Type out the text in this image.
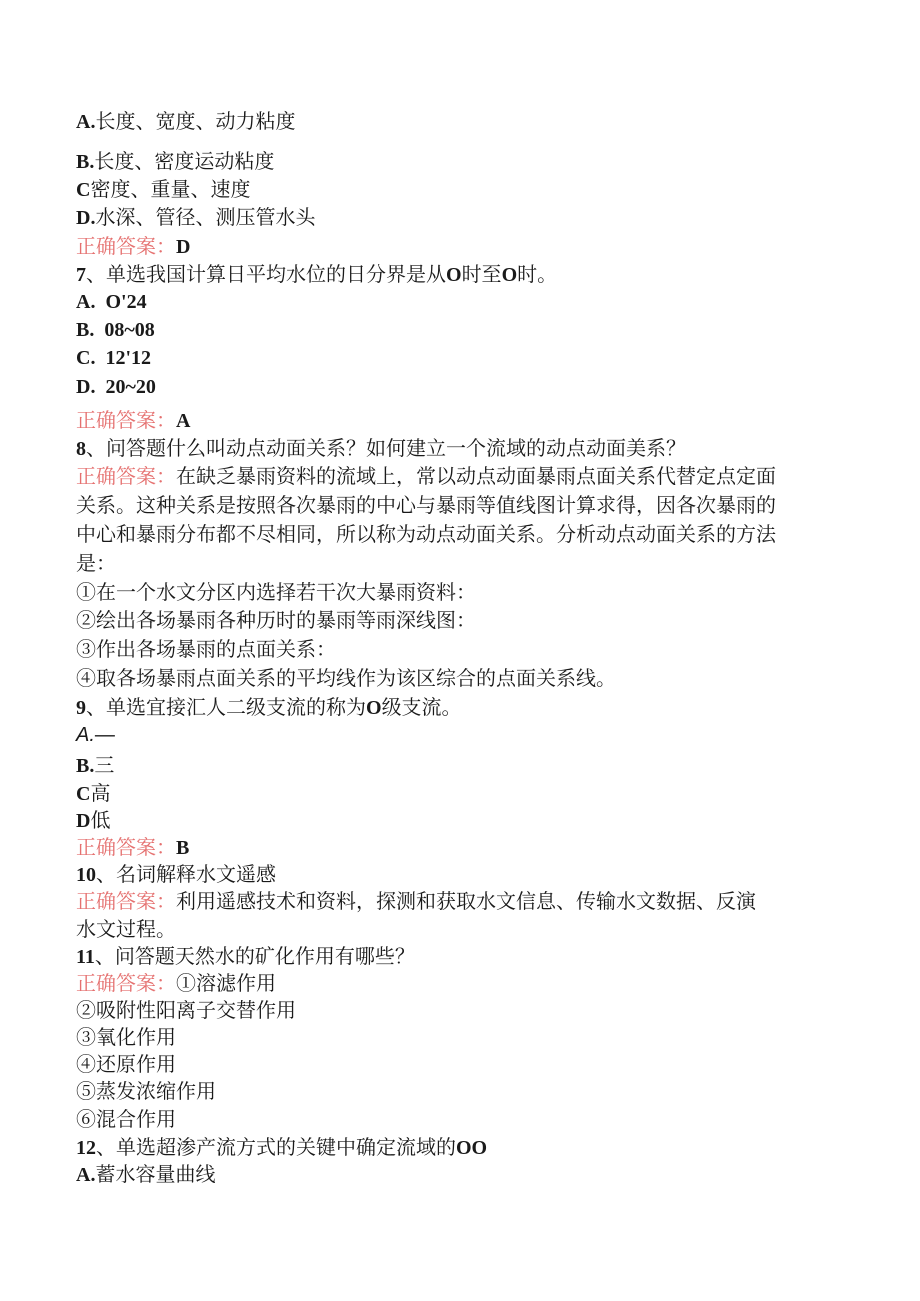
A.长度、宽度、动力粘度
B.长度、密度运动粘度
C密度、重量、速度
D.水深、管径、测压管水头
正确答案：D
7、单选我国计算日平均水位的日分界是从O时至O时。
A. O'24
B. 08~08
C. 12'12
D. 20~20
正确答案：A
8、问答题什么叫动点动面关系？如何建立一个流域的动点动面美系？
正确答案：在缺乏暴雨资料的流域上，常以动点动面暴雨点面关系代替定点定面
关系。这种关系是按照各次暴雨的中心与暴雨等值线图计算求得，因各次暴雨的
中心和暴雨分布都不尽相同，所以称为动点动面关系。分析动点动面关系的方法
是：
①在一个水文分区内选择若干次大暴雨资料：
②绘出各场暴雨各种历时的暴雨等雨深线图：
③作出各场暴雨的点面关系：
④取各场暴雨点面关系的平均线作为该区综合的点面关系线。
9、单选宜接汇人二级支流的称为O级支流。
A.—
B.三
C高
D低
正确答案：B
10、名词解释水文遥感
正确答案：利用遥感技术和资料，探测和获取水文信息、传输水文数据、反演
水文过程。
11、问答题天然水的矿化作用有哪些？
正确答案：①溶滤作用
②吸附性阳离子交替作用
③氧化作用
④还原作用
⑤蒸发浓缩作用
⑥混合作用
12、单选超渗产流方式的关键中确定流域的OO
A.蓄水容量曲线
